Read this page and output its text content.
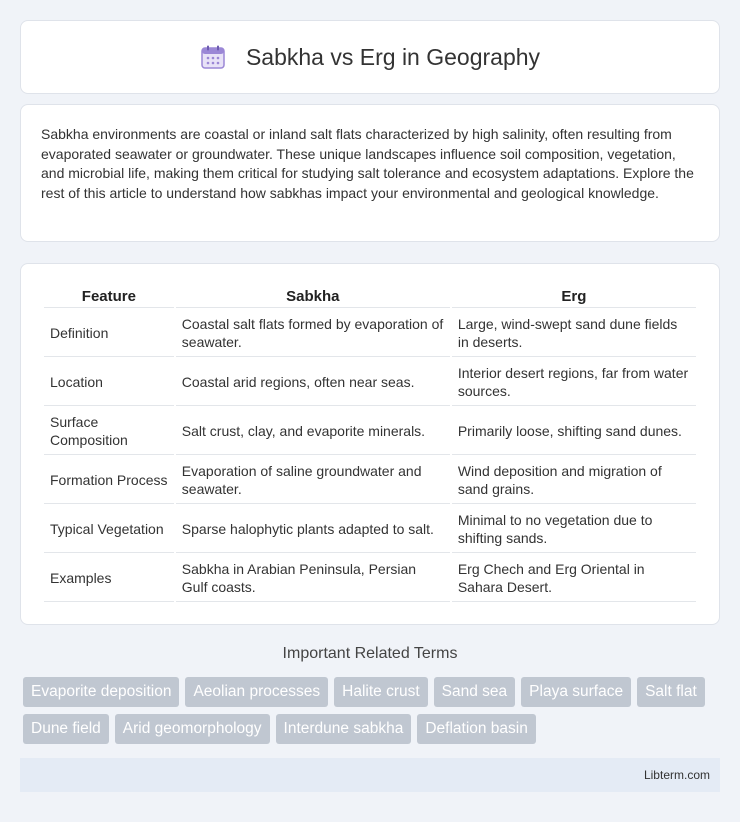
Sabkha vs Erg in Geography

Sabkha environments are coastal or inland salt flats characterized by high salinity, often resulting from evaporated seawater or groundwater. These unique landscapes influence soil composition, vegetation, and microbial life, making them critical for studying salt tolerance and ecosystem adaptations. Explore the rest of this article to understand how sabkhas impact your environmental and geological knowledge.

Feature	Sabkha	Erg
Definition	Coastal salt flats formed by evaporation of seawater.	Large, wind-swept sand dune fields in deserts.
Location	Coastal arid regions, often near seas.	Interior desert regions, far from water sources.
Surface Composition	Salt crust, clay, and evaporite minerals.	Primarily loose, shifting sand dunes.
Formation Process	Evaporation of saline groundwater and seawater.	Wind deposition and migration of sand grains.
Typical Vegetation	Sparse halophytic plants adapted to salt.	Minimal to no vegetation due to shifting sands.
Examples	Sabkha in Arabian Peninsula, Persian Gulf coasts.	Erg Chech and Erg Oriental in Sahara Desert.
Important Related Terms
Evaporite deposition	Aeolian processes	Halite crust	Sand sea	Playa surface	Salt flat
Dune field	Arid geomorphology	Interdune sabkha	Deflation basin
Libterm.com
